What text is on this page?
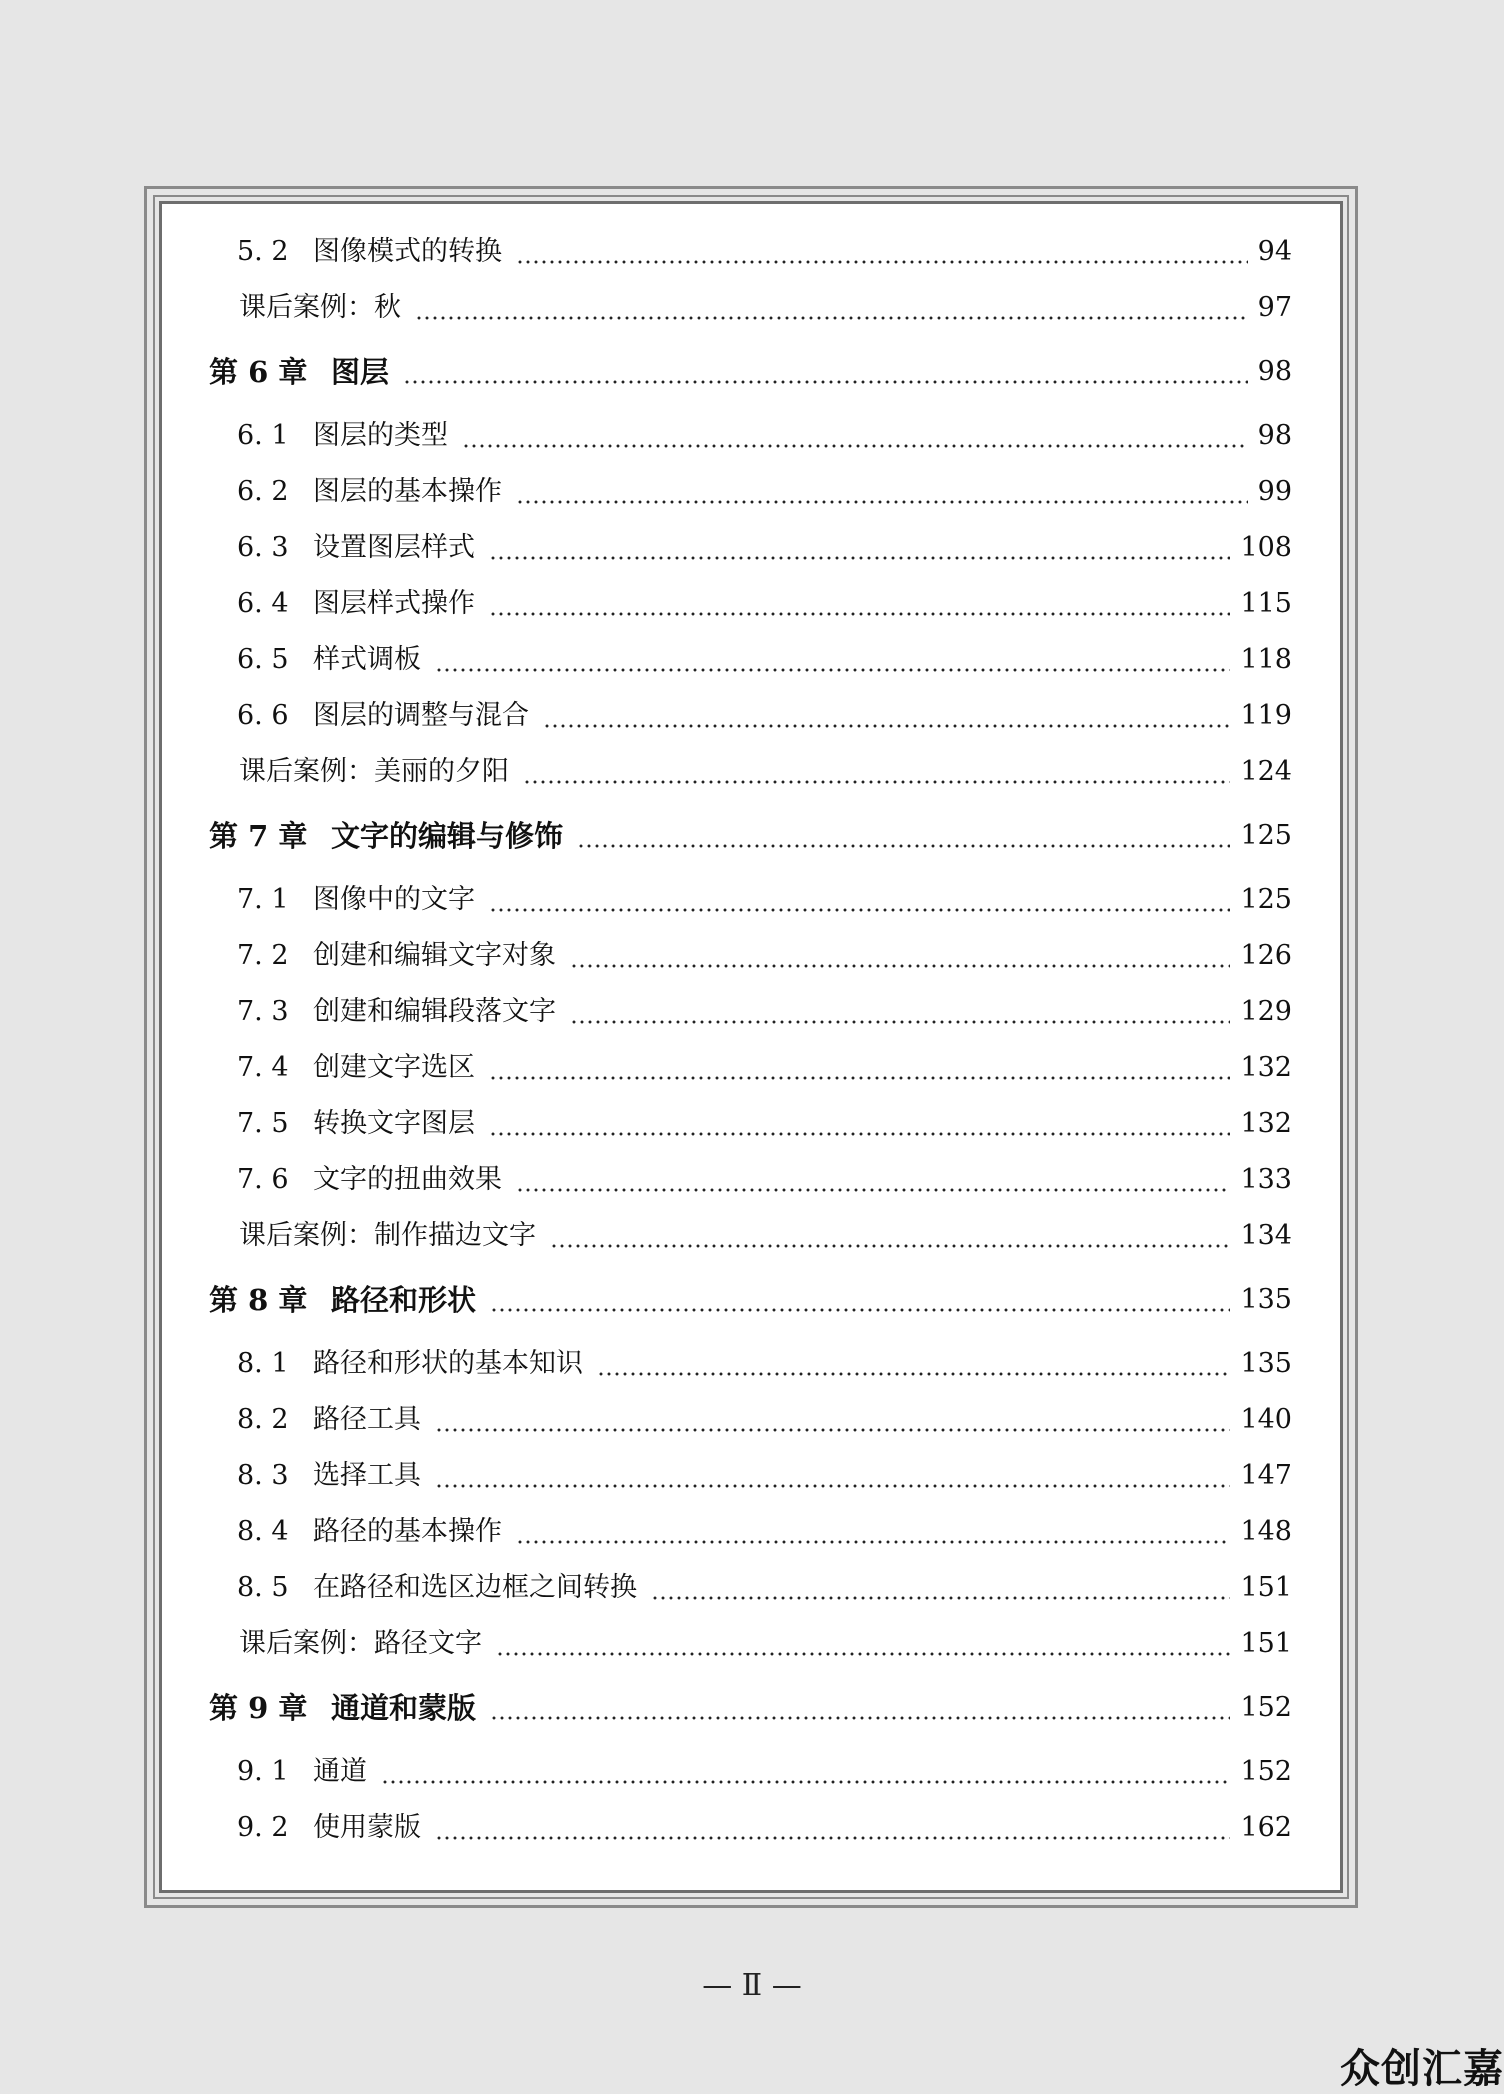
5. 2 图像模式的转换	94
课后案例：秋	97
第 6 章 图层	98
6. 1 图层的类型	98
6. 2 图层的基本操作	99
6. 3 设置图层样式	108
6. 4 图层样式操作	115
6. 5 样式调板	118
6. 6 图层的调整与混合	119
课后案例：美丽的夕阳	124
第 7 章 文字的编辑与修饰	125
7. 1 图像中的文字	125
7. 2 创建和编辑文字对象	126
7. 3 创建和编辑段落文字	129
7. 4 创建文字选区	132
7. 5 转换文字图层	132
7. 6 文字的扭曲效果	133
课后案例：制作描边文字	134
第 8 章 路径和形状	135
8. 1 路径和形状的基本知识	135
8. 2 路径工具	140
8. 3 选择工具	147
8. 4 路径的基本操作	148
8. 5 在路径和选区边框之间转换	151
课后案例：路径文字	151
第 9 章 通道和蒙版	152
9. 1 通道	152
9. 2 使用蒙版	162
— Ⅱ —
众创汇嘉
